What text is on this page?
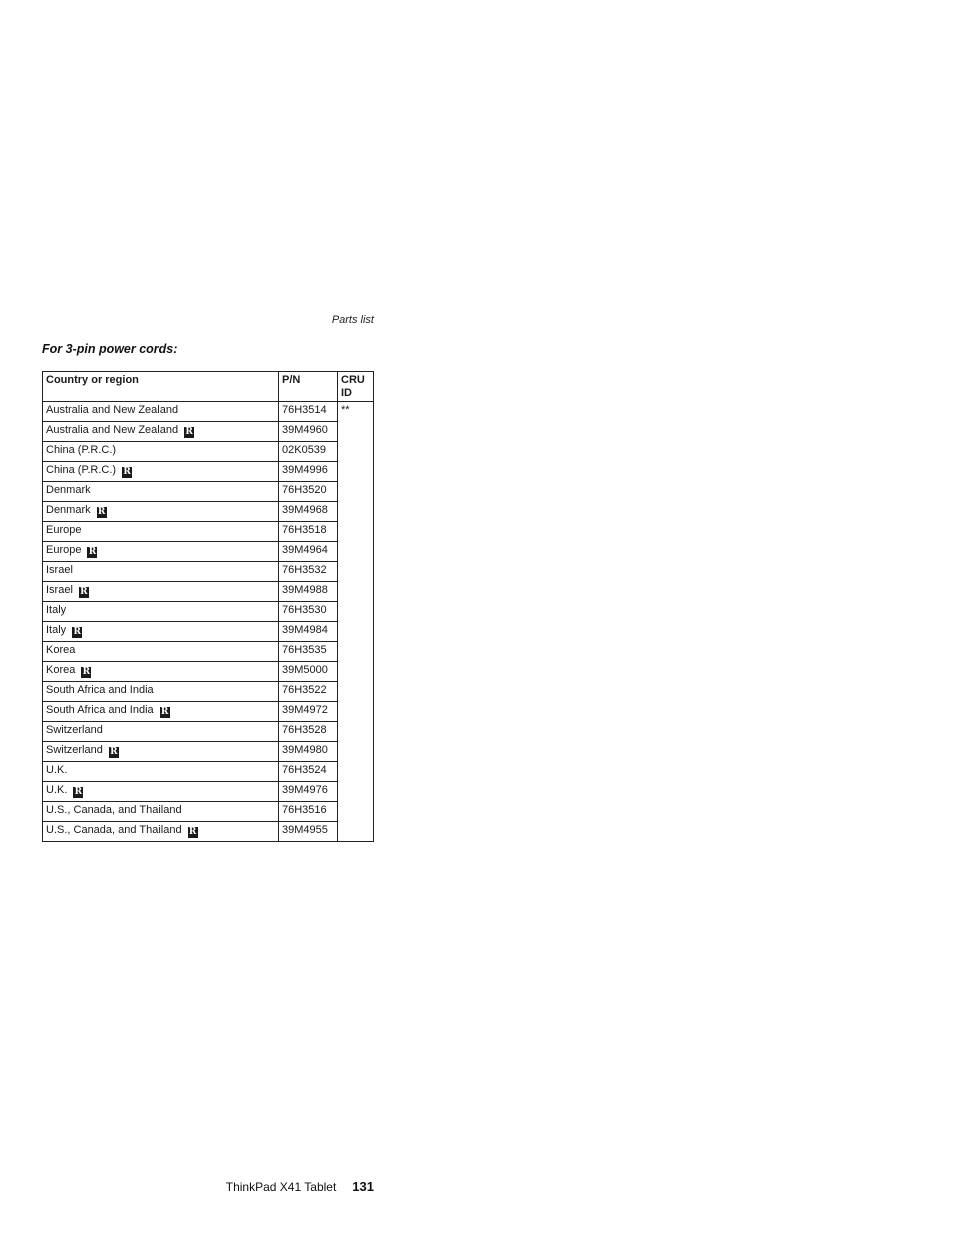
Parts list
For 3-pin power cords:
Country or region	P/N	CRU
ID
Australia and New Zealand	76H3514	**
Australia and New Zealand R	39M4960	
China (P.R.C.)	02K0539	
China (P.R.C.) R	39M4996	
Denmark	76H3520	
Denmark R	39M4968	
Europe	76H3518	
Europe R	39M4964	
Israel	76H3532	
Israel R	39M4988	
Italy	76H3530	
Italy R	39M4984	
Korea	76H3535	
Korea R	39M5000	
South Africa and India	76H3522	
South Africa and India R	39M4972	
Switzerland	76H3528	
Switzerland R	39M4980	
U.K.	76H3524	
U.K. R	39M4976	
U.S., Canada, and Thailand	76H3516	
U.S., Canada, and Thailand R	39M4955	
ThinkPad X41 Tablet 131
